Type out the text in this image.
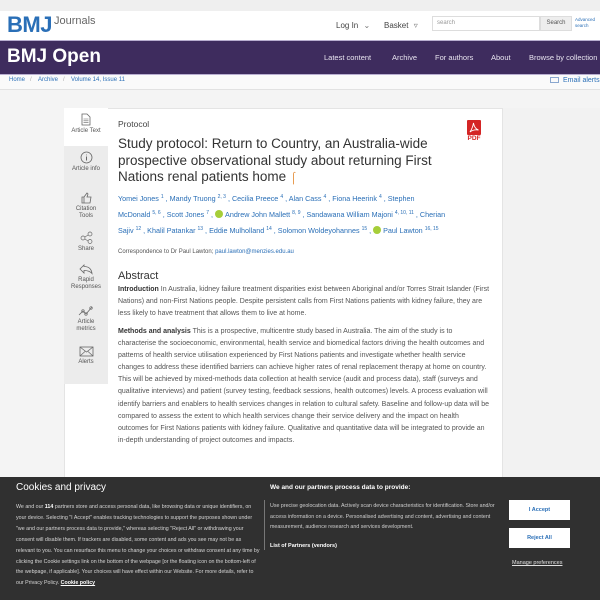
BMJ Journals	Log In ⌄ Basket ▿	search	Search
Advanced search
BMJ Open	Latest content	Archive For authors About Browse by collection
Home / Archive / Volume 14, Issue 11	Email alerts
Article Text
Article info
Citation Tools
Share
Rapid Responses
Article metrics
Alerts
Protocol
Study protocol: Return to Country, an Australia-wide prospective observational study about returning First Nations renal patients home ⌠
PDF
Yomei Jones $^1$ , Mandy Truong $^{2, 3}$ , Cecilia Preece $^4$ , Alan Cass $^4$ , Fiona Heerink $^4$ , Stephen McDonald $^{5, 6}$ , Scott Jones $^7$ , Andrew John Mallett $^{8, 9}$ , Sandawana William Majoni $^{4, 10, 11}$ , Cherian Sajiv $^{12}$ , Khalil Patankar $^{13}$ , Eddie Mulholland $^{14}$ , Solomon Woldeyohannes $^{15}$ , Paul Lawton $^{16, 15}$
Correspondence to Dr Paul Lawton; paul.lawton@menzies.edu.au
Abstract
Introduction In Australia, kidney failure treatment disparities exist between Aboriginal and/or Torres Strait Islander (First Nations) and non-First Nations people. Despite persistent calls from First Nations patients with kidney failure, they are less likely to have treatment that allows them to live at home.
Methods and analysis This is a prospective, multicentre study based in Australia. The aim of the study is to characterise the socioeconomic, environmental, health service and biomedical factors driving the health outcomes and patterns of health service utilisation experienced by First Nations patients and investigate whether health service changes to address these identified barriers can achieve higher rates of renal replacement therapy at home on country. This will be achieved by mixed-methods data collection at health service (audit and process data), staff (surveys and qualitative interviews) and patient (survey testing, feedback sessions, health outcomes) levels. A process evaluation will identify barriers and enablers to health services changes in relation to cultural safety. Baseline and follow-up data will be compared to assess the extent to which health services change their service delivery and the impact on health outcomes for First Nations patients with kidney failure. Qualitative and quantitative data will be integrated to provide an in-depth understanding of project outcomes and impacts.
Cookies and privacy
We and our 114 partners store and access personal data, like browsing data or unique identifiers, on your device. Selecting "I Accept" enables tracking technologies to support the purposes shown under "we and our partners process data to provide," whereas selecting "Reject All" or withdrawing your consent will disable them. If trackers are disabled, some content and ads you see may not be as relevant to you. You can resurface this menu to change your choices or withdraw consent at any time by clicking the Cookie settings link on the bottom of the webpage [or the floating icon on the bottom-left of the webpage, if applicable]. Your choices will have effect within our Website. For more details, refer to our Privacy Policy. Cookie policy
We and our partners process data to provide:
Use precise geolocation data. Actively scan device characteristics for identification. Store and/or access information on a device. Personalised advertising and content, advertising and content measurement, audience research and services development.
List of Partners (vendors)
I Accept
Reject All
Manage preferences
